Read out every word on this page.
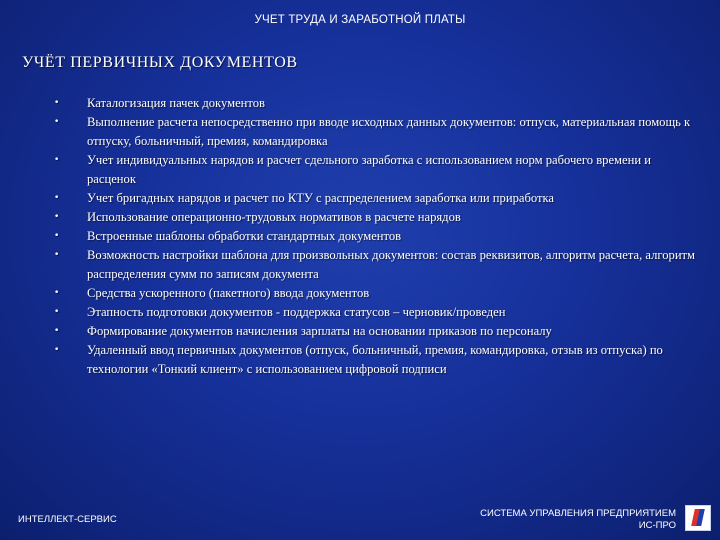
УЧЕТ ТРУДА И ЗАРАБОТНОЙ ПЛАТЫ
УЧЁТ ПЕРВИЧНЫХ ДОКУМЕНТОВ
• Каталогизация пачек документов
• Выполнение расчета непосредственно при вводе исходных данных документов: отпуск, материальная помощь к отпуску, больничный, премия, командировка
• Учет индивидуальных нарядов и расчет сдельного заработка с использованием норм рабочего времени и расценок
• Учет бригадных нарядов и расчет по КТУ с распределением заработка или приработка
• Использование операционно-трудовых нормативов в расчете нарядов
• Встроенные шаблоны обработки стандартных документов
• Возможность настройки шаблона для произвольных документов: состав реквизитов, алгоритм расчета, алгоритм распределения сумм по записям документа
• Средства ускоренного (пакетного) ввода документов
• Этапность подготовки документов - поддержка статусов – черновик/проведен
• Формирование документов начисления зарплаты на основании приказов по персоналу
• Удаленный ввод первичных документов (отпуск, больничный, премия, командировка, отзыв из отпуска) по технологии «Тонкий клиент» с использованием цифровой подписи
ИНТЕЛЛЕКТ-СЕРВИС
СИСТЕМА УПРАВЛЕНИЯ ПРЕДПРИЯТИЕМ
ИС-ПРО
